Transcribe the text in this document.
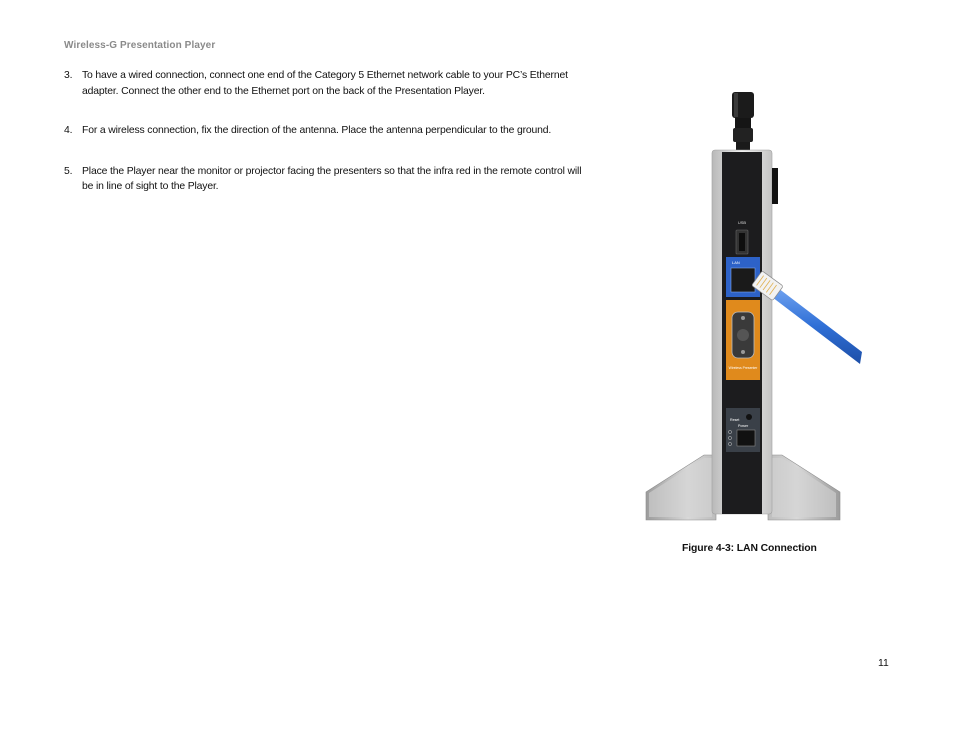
Wireless-G Presentation Player
3. To have a wired connection, connect one end of the Category 5 Ethernet network cable to your PC’s Ethernet adapter. Connect the other end to the Ethernet port on the back of the Presentation Player.
4. For a wireless connection, fix the direction of the antenna. Place the antenna perpendicular to the ground.
5. Place the Player near the monitor or projector facing the presenters so that the infra red in the remote control will be in line of sight to the Player.
USB
LAN
Wireless Presenter
Reset
Power
Figure 4-3: LAN Connection
11
